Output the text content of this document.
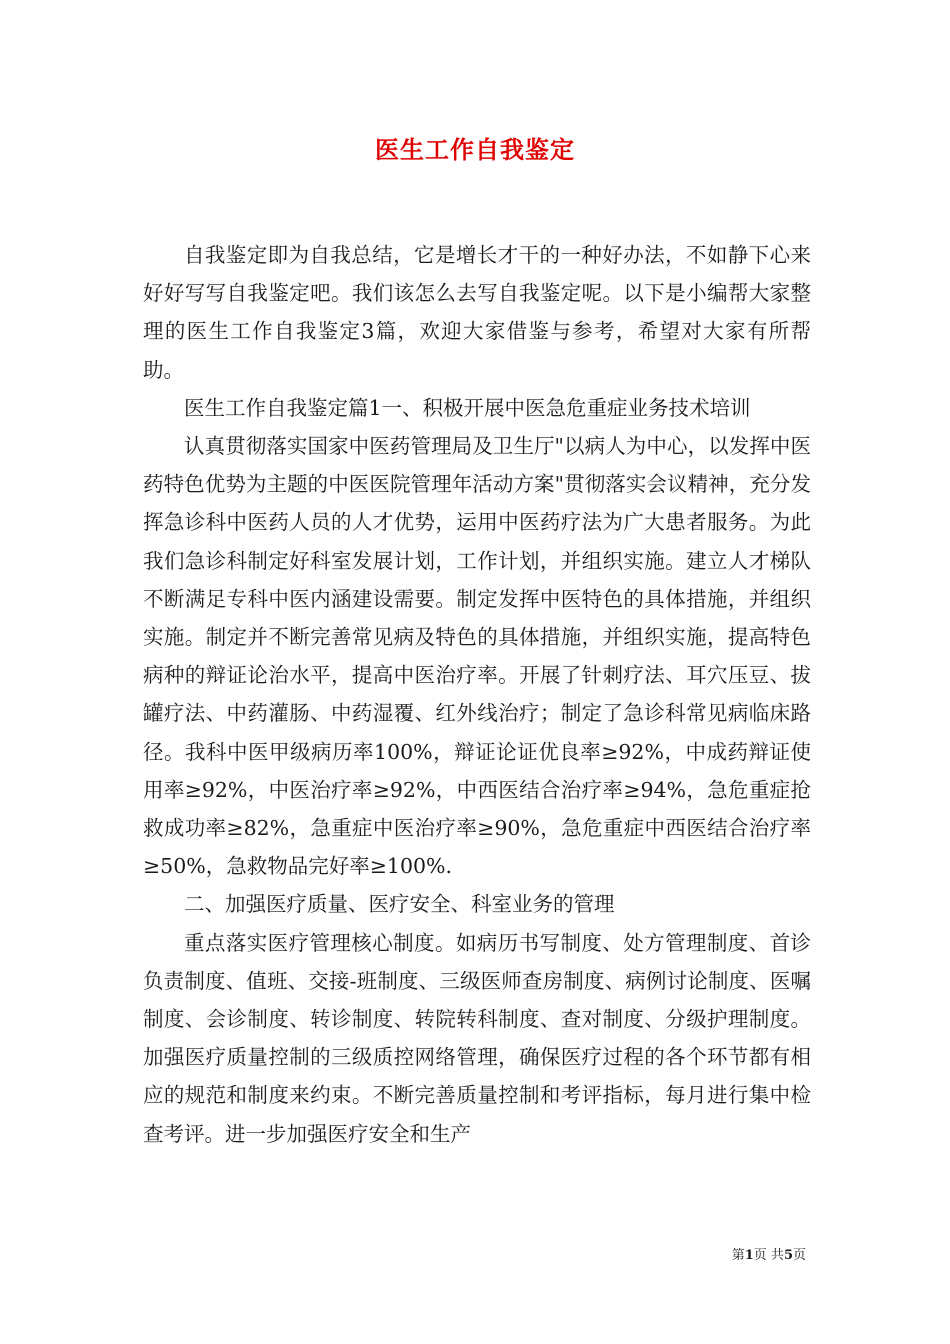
医生工作自我鉴定

自我鉴定即为自我总结，它是增长才干的一种好办法，不如静下心来好好写写自我鉴定吧。我们该怎么去写自我鉴定呢。以下是小编帮大家整理的医生工作自我鉴定3篇，欢迎大家借鉴与参考，希望对大家有所帮助。

医生工作自我鉴定篇1一、积极开展中医急危重症业务技术培训

认真贯彻落实国家中医药管理局及卫生厅"以病人为中心，以发挥中医药特色优势为主题的中医医院管理年活动方案"贯彻落实会议精神，充分发挥急诊科中医药人员的人才优势，运用中医药疗法为广大患者服务。为此我们急诊科制定好科室发展计划，工作计划，并组织实施。建立人才梯队不断满足专科中医内涵建设需要。制定发挥中医特色的具体措施，并组织实施。制定并不断完善常见病及特色的具体措施，并组织实施，提高特色病种的辩证论治水平，提高中医治疗率。开展了针刺疗法、耳穴压豆、拔罐疗法、中药灌肠、中药湿覆、红外线治疗；制定了急诊科常见病临床路径。我科中医甲级病历率100%，辩证论证优良率≥92%，中成药辩证使用率≥92%，中医治疗率≥92%，中西医结合治疗率≥94%，急危重症抢救成功率≥82%，急重症中医治疗率≥90%，急危重症中西医结合治疗率≥50%，急救物品完好率≥100%.

二、加强医疗质量、医疗安全、科室业务的管理

重点落实医疗管理核心制度。如病历书写制度、处方管理制度、首诊负责制度、值班、交接-班制度、三级医师查房制度、病例讨论制度、医嘱制度、会诊制度、转诊制度、转院转科制度、查对制度、分级护理制度。加强医疗质量控制的三级质控网络管理，确保医疗过程的各个环节都有相应的规范和制度来约束。不断完善质量控制和考评指标，每月进行集中检查考评。进一步加强医疗安全和生产

第1页 共5页
